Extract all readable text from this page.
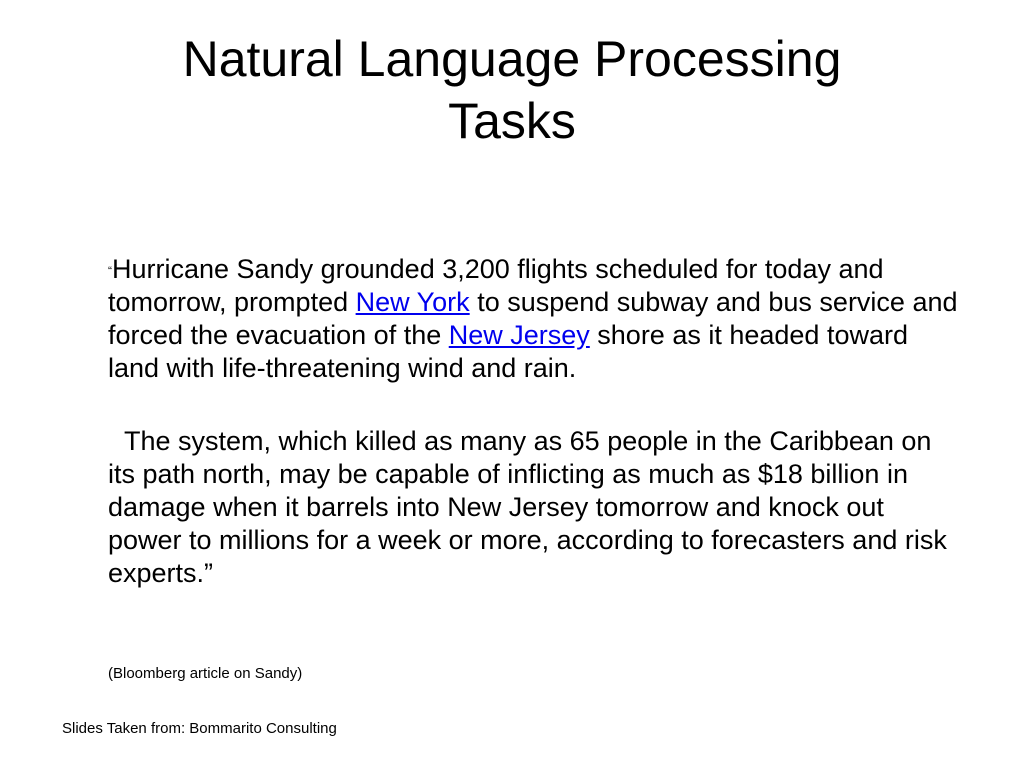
Natural Language Processing
Tasks

“Hurricane Sandy grounded 3,200 flights scheduled for today and tomorrow, prompted New York to suspend subway and bus service and forced the evacuation of the New Jersey shore as it headed toward land with life-threatening wind and rain.

The system, which killed as many as 65 people in the Caribbean on its path north, may be capable of inflicting as much as $18 billion in damage when it barrels into New Jersey tomorrow and knock out power to millions for a week or more, according to forecasters and risk experts.”

(Bloomberg article on Sandy)
Slides Taken from: Bommarito Consulting
